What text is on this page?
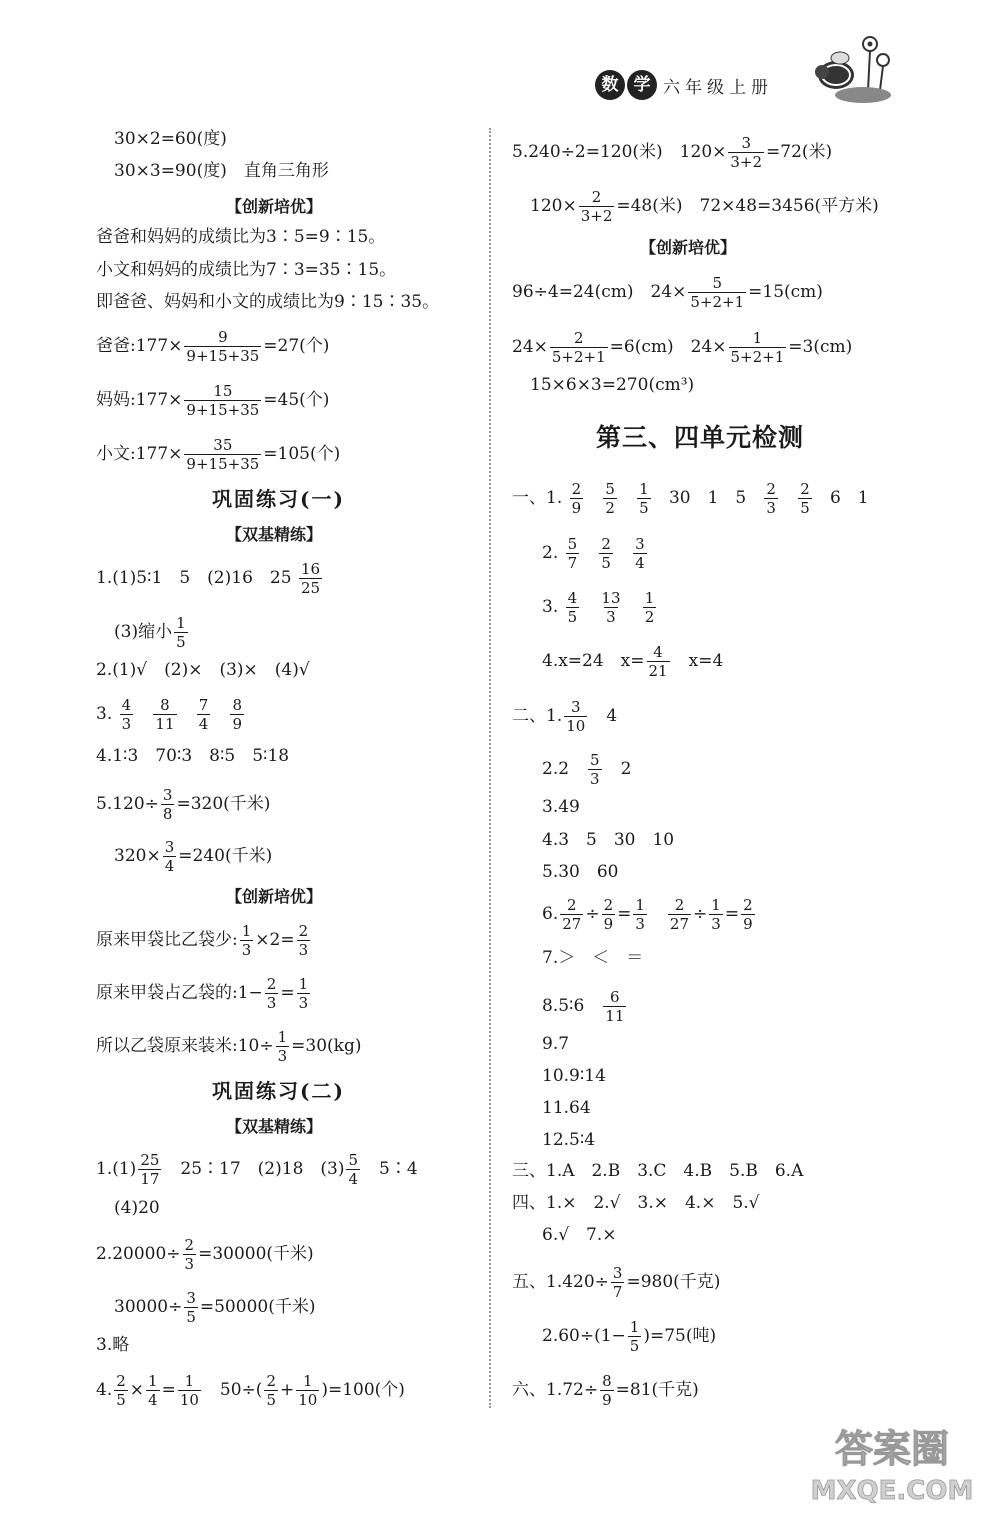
数 学 六年级上册
30×2=60(度)
30×3=90(度)　直角三角形
【创新培优】
爸爸和妈妈的成绩比为3∶5=9∶15。
小文和妈妈的成绩比为7∶3=35∶15。
即爸爸、妈妈和小文的成绩比为9∶15∶35。
爸爸:177× $\frac{9}{9+15+35} =27$(个)
妈妈:177× $\frac{15}{9+15+35} =45$(个)
小文:177× $\frac{35}{9+15+35} =105$(个)
巩固练习(一)
【双基精练】
1.(1)5∶1　5　(2)16　$25 \frac{16}{25}$
(3)缩小 $\frac{1}{5}$
2.(1)√　(2)×　(3)×　(4)√
3. $\frac{4}{3}$
$\frac{8}{11}$
$\frac{7}{4}$
$\frac{8}{9}$
4.1∶3　70∶3　8∶5　5∶18
$5.120\div \frac{3}{8} =320$(千米)
$320\times \frac{3}{4} =240$(千米)
【创新培优】
原来甲袋比乙袋少: $\frac{1}{3} \times 2= \frac{2}{3}$
原来甲袋占乙袋的:1− $\frac{2}{3} = \frac{1}{3}$
所以乙袋原来装米:10÷ $\frac{1}{3} =30(kg)$
巩固练习(二)
【双基精练】
$1.(1) \frac{25}{17}$ 　25∶17　(2)18　$(3) \frac{5}{4}$ 　5∶4
(4)20
$2.20000\div \frac{2}{3} =30000$(千米)
$30000\div \frac{3}{5} =50000$(千米)
3.略
4. $\frac{2}{5} \times \frac{1}{4} = \frac{1}{10}$ 　$50\div( \frac{2}{5} + \frac{1}{10} )=100$(个)
5.240÷2=120(米)　$120\times \frac{3}{3+2} =72$(米)
$120\times \frac{2}{3+2} =48$(米)　72×48=3456(平方米)
【创新培优】
96÷4=24(cm)　$24\times \frac{5}{5+2+1} =15(cm)$
$24\times \frac{2}{5+2+1} =6(cm)$　$24\times \frac{1}{5+2+1} =3(cm)$
15×6×3=270(cm³)
第三、四单元检测
一、1. $\frac{2}{9}$
$\frac{5}{2}$
$\frac{1}{5} 30$　1　$5 \frac{2}{3}$
$\frac{2}{5} 6$　1
2. $\frac{5}{7}$
$\frac{2}{5}$
$\frac{3}{4}$
3. $\frac{4}{5}$
$\frac{13}{3}$
$\frac{1}{2}$
4.x=24　$x= \frac{4}{21}$ 　x=4
二、1. $\frac{3}{10}$ 　4
2.2　 $\frac{5}{3}$ 　2
3.49
4.3　5　30　10
5.30　60
6. $\frac{2}{27} \div \frac{2}{9} = \frac{1}{3}$
　 $\frac{2}{27} \div \frac{1}{3} = \frac{2}{9}$
7.＞　＜　＝
8.5∶6　 $\frac{6}{11}$
9.7
10.9∶14
11.64
12.5∶4
三、1.A　2.B　3.C　4.B　5.B　6.A
四、1.×　2.√　3.×　4.×　5.√
6.√　7.×
五、$1.420\div \frac{3}{7} =980$(千克)
$2.60\div(1- \frac{1}{5} )=75$(吨)
六、$1.72\div \frac{8}{9} =81$(千克)
答案圈
MXQE.COM
